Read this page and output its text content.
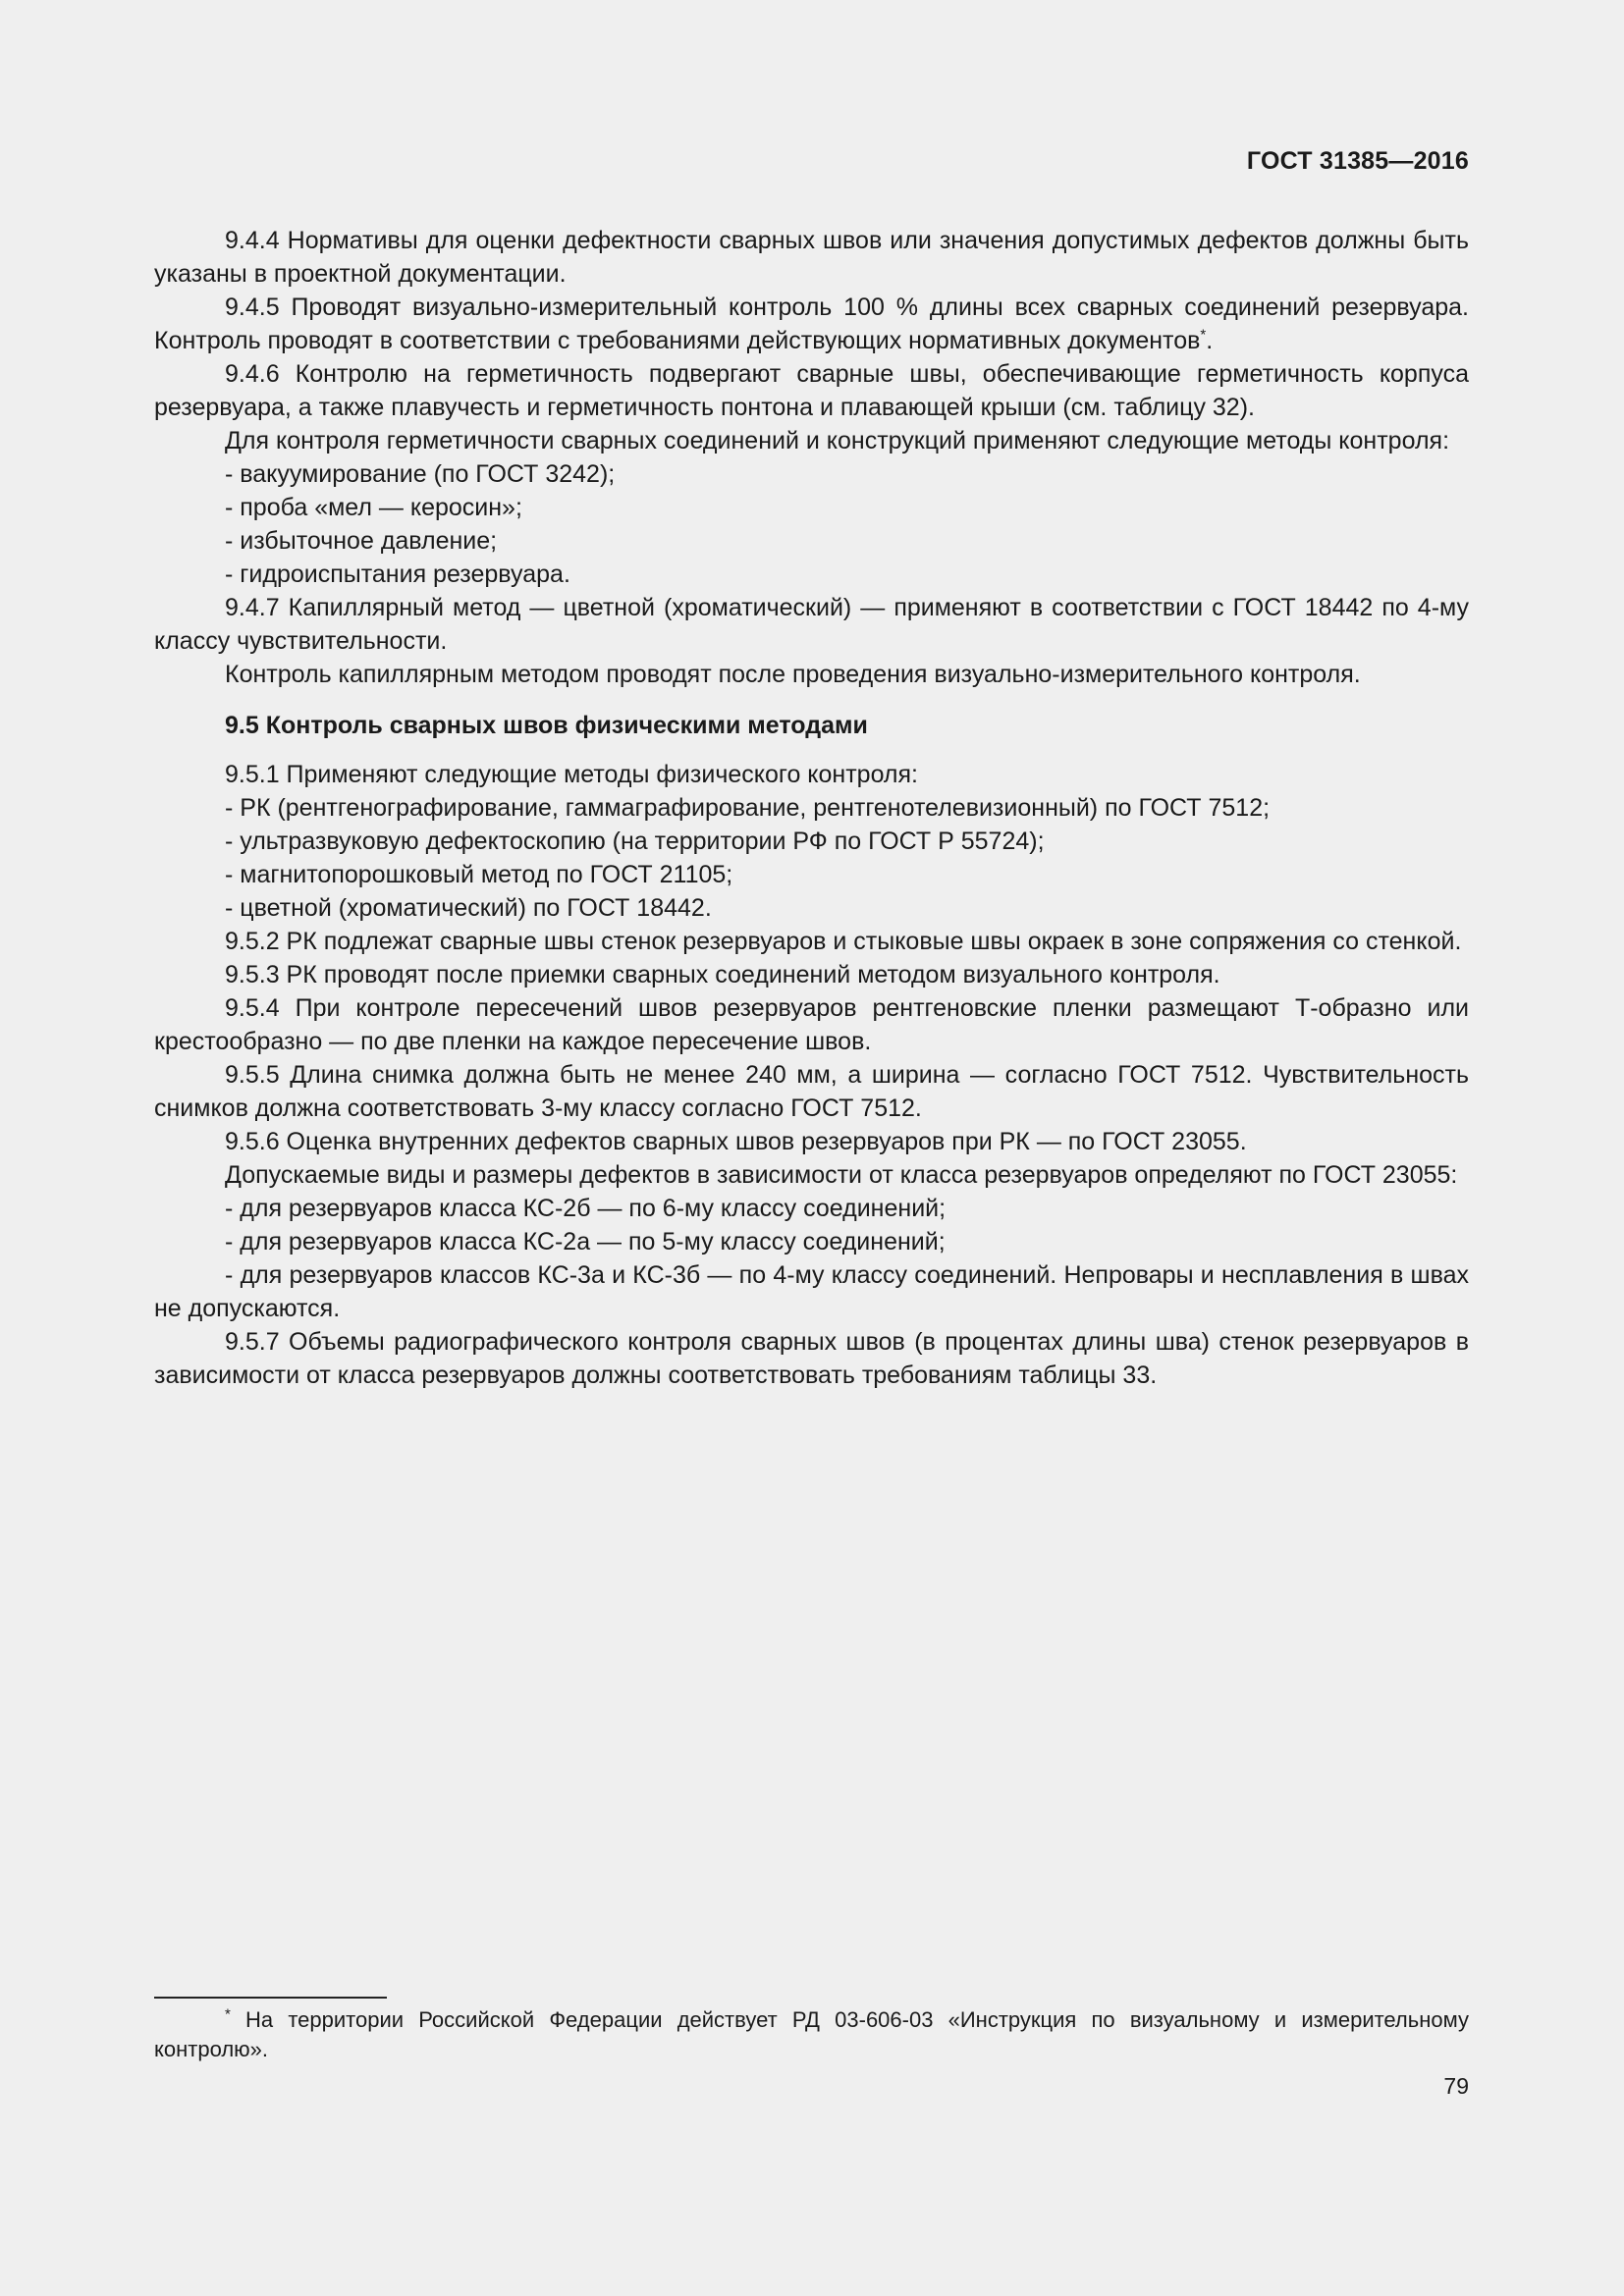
ГОСТ 31385—2016
9.4.4 Нормативы для оценки дефектности сварных швов или значения допустимых дефектов должны быть указаны в проектной документации.
9.4.5 Проводят визуально-измерительный контроль 100 % длины всех сварных соединений резервуара. Контроль проводят в соответствии с требованиями действующих нормативных документов*.
9.4.6 Контролю на герметичность подвергают сварные швы, обеспечивающие герметичность корпуса резервуара, а также плавучесть и герметичность понтона и плавающей крыши (см. таблицу 32).
Для контроля герметичности сварных соединений и конструкций применяют следующие методы контроля:
- вакуумирование (по ГОСТ 3242);
- проба «мел — керосин»;
- избыточное давление;
- гидроиспытания резервуара.
9.4.7 Капиллярный метод — цветной (хроматический) — применяют в соответствии с ГОСТ 18442 по 4-му классу чувствительности.
Контроль капиллярным методом проводят после проведения визуально-измерительного контроля.
9.5 Контроль сварных швов физическими методами
9.5.1 Применяют следующие методы физического контроля:
- РК (рентгенографирование, гаммаграфирование, рентгенотелевизионный) по ГОСТ 7512;
- ультразвуковую дефектоскопию (на территории РФ по ГОСТ Р 55724);
- магнитопорошковый метод по ГОСТ 21105;
- цветной (хроматический) по ГОСТ 18442.
9.5.2 РК подлежат сварные швы стенок резервуаров и стыковые швы окраек в зоне сопряжения со стенкой.
9.5.3 РК проводят после приемки сварных соединений методом визуального контроля.
9.5.4 При контроле пересечений швов резервуаров рентгеновские пленки размещают Т-образно или крестообразно — по две пленки на каждое пересечение швов.
9.5.5 Длина снимка должна быть не менее 240 мм, а ширина — согласно ГОСТ 7512. Чувствительность снимков должна соответствовать 3-му классу согласно ГОСТ 7512.
9.5.6 Оценка внутренних дефектов сварных швов резервуаров при РК — по ГОСТ 23055.
Допускаемые виды и размеры дефектов в зависимости от класса резервуаров определяют по ГОСТ 23055:
- для резервуаров класса КС-2б — по 6-му классу соединений;
- для резервуаров класса КС-2а — по 5-му классу соединений;
- для резервуаров классов КС-3а и КС-3б — по 4-му классу соединений. Непровары и несплавления в швах не допускаются.
9.5.7 Объемы радиографического контроля сварных швов (в процентах длины шва) стенок резервуаров в зависимости от класса резервуаров должны соответствовать требованиям таблицы 33.
* На территории Российской Федерации действует РД 03-606-03 «Инструкция по визуальному и измерительному контролю».
79
